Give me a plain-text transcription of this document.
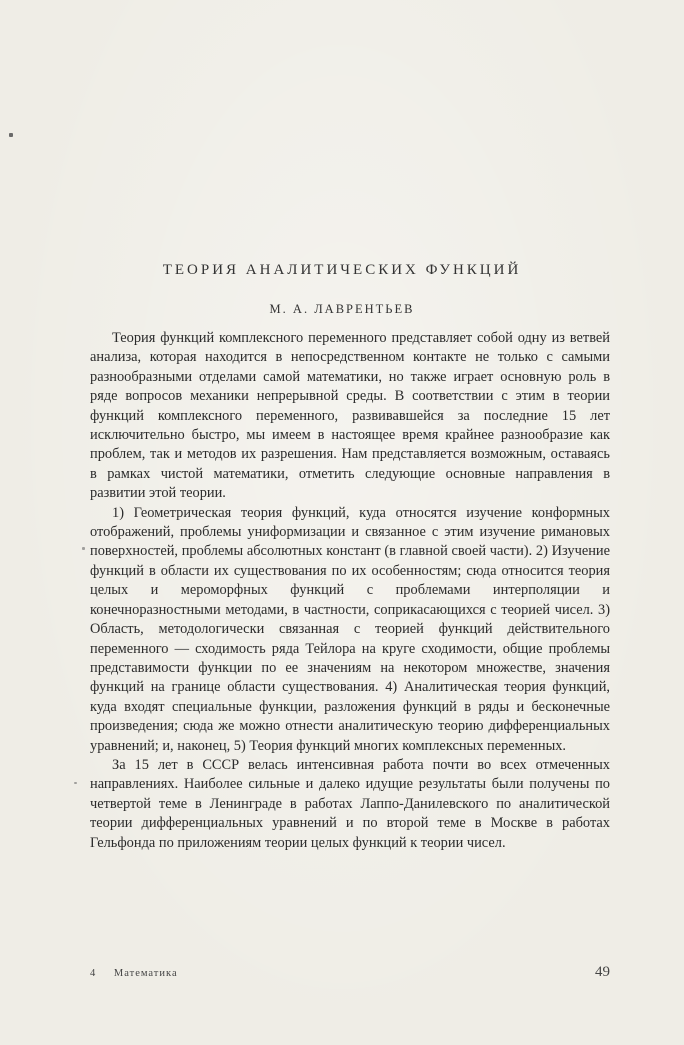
ТЕОРИЯ АНАЛИТИЧЕСКИХ ФУНКЦИЙ
М. А. ЛАВРЕНТЬЕВ

Теория функций комплексного переменного представляет собой одну из ветвей анализа, которая находится в непосредственном контакте не только с самыми разнообразными отделами самой математики, но также играет основную роль в ряде вопросов механики непрерывной среды. В соответствии с этим в теории функций комплексного переменного, развивавшейся за последние 15 лет исключительно быстро, мы имеем в настоящее время крайнее разнообразие как проблем, так и методов их разрешения. Нам представляется возможным, оставаясь в рамках чистой математики, отметить следующие основные направления в развитии этой теории.

1) Геометрическая теория функций, куда относятся изучение конформных отображений, проблемы униформизации и связанное с этим изучение римановых поверхностей, проблемы абсолютных констант (в главной своей части). 2) Изучение функций в области их существования по их особенностям; сюда относится теория целых и мероморфных функций с проблемами интерполяции и конечноразностными методами, в частности, соприкасающихся с теорией чисел. 3) Область, методологически связанная с теорией функций действительного переменного — сходимость ряда Тейлора на круге сходимости, общие проблемы представимости функции по ее значениям на некотором множестве, значения функций на границе области существования. 4) Аналитическая теория функций, куда входят специальные функции, разложения функций в ряды и бесконечные произведения; сюда же можно отнести аналитическую теорию дифференциальных уравнений; и, наконец, 5) Теория функций многих комплексных переменных.

За 15 лет в СССР велась интенсивная работа почти во всех отмеченных направлениях. Наиболее сильные и далеко идущие результаты были получены по четвертой теме в Ленинграде в работах Лаппо-Данилевского по аналитической теории дифференциальных уравнений и по второй теме в Москве в работах Гельфонда по приложениям теории целых функций к теории чисел.

4 Математика	49
